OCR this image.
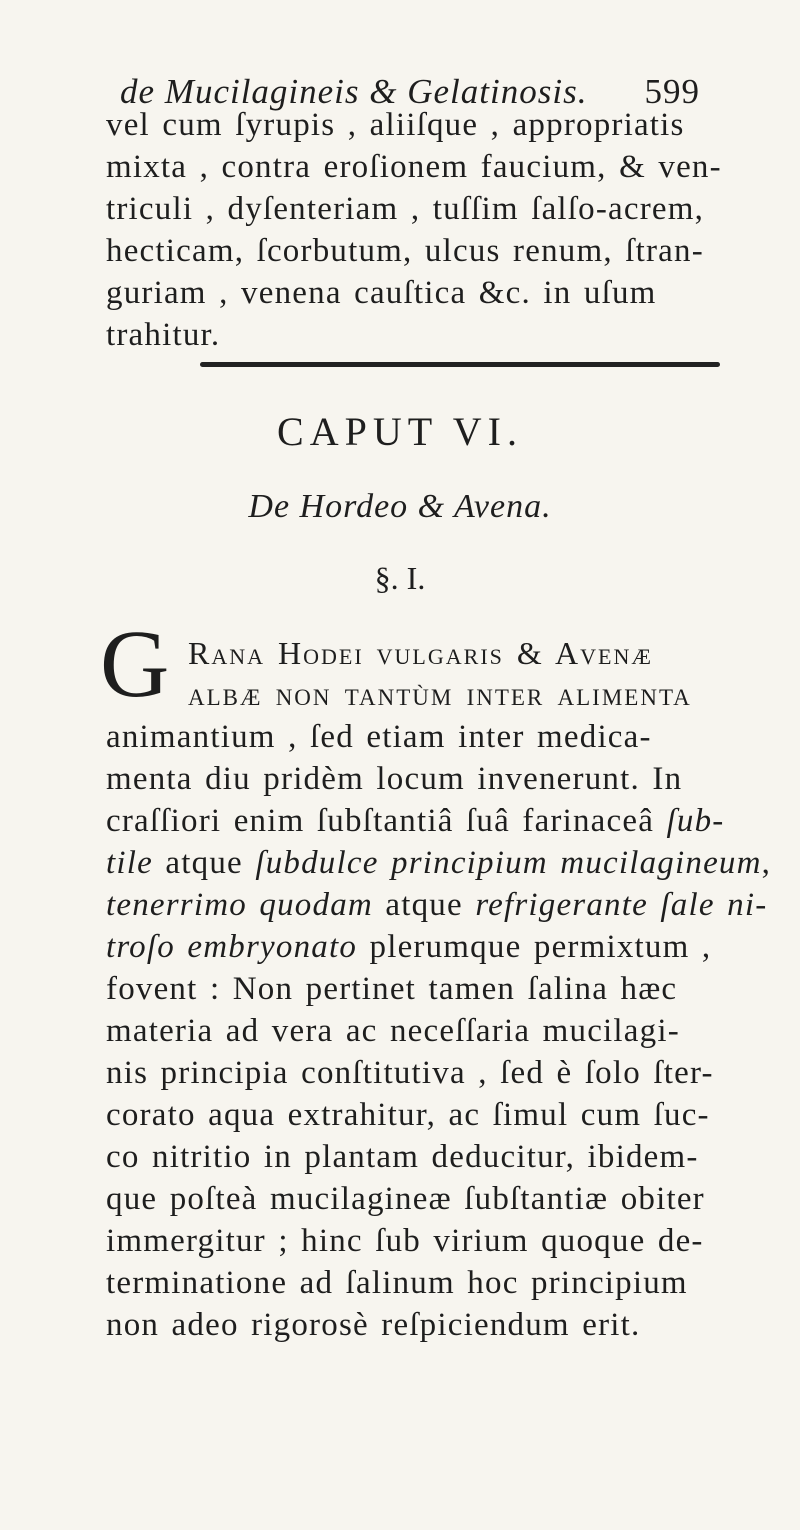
de Mucilagineis & Gelatinosis. 599
vel cum ſyrupis , aliiſque , appropriatis
mixta , contra eroſionem faucium, & ven-
triculi , dyſenteriam , tuſſim ſalſo-acrem,
hecticam, ſcorbutum, ulcus renum, ſtran-
guriam , venena cauſtica &c. in uſum
trahitur.
CAPUT VI.
De Hordeo & Avena.
§. I.
G Rana Hodei vulgaris & Avenæ
albæ non tantùm inter alimenta
animantium , ſed etiam inter medica-
menta diu pridèm locum invenerunt. In
craſſiori enim ſubſtantiâ ſuâ farinaceâ ſub-
tile atque ſubdulce principium mucilagineum,
tenerrimo quodam atque refrigerante ſale ni-
troſo embryonato plerumque permixtum ,
fovent : Non pertinet tamen ſalina hæc
materia ad vera ac neceſſaria mucilagi-
nis principia conſtitutiva , ſed è ſolo ſter-
corato aqua extrahitur, ac ſimul cum ſuc-
co nitritio in plantam deducitur, ibidem-
que poſteà mucilagineæ ſubſtantiæ obiter
immergitur ; hinc ſub virium quoque de-
terminatione ad ſalinum hoc principium
non adeo rigorosè reſpiciendum erit.
